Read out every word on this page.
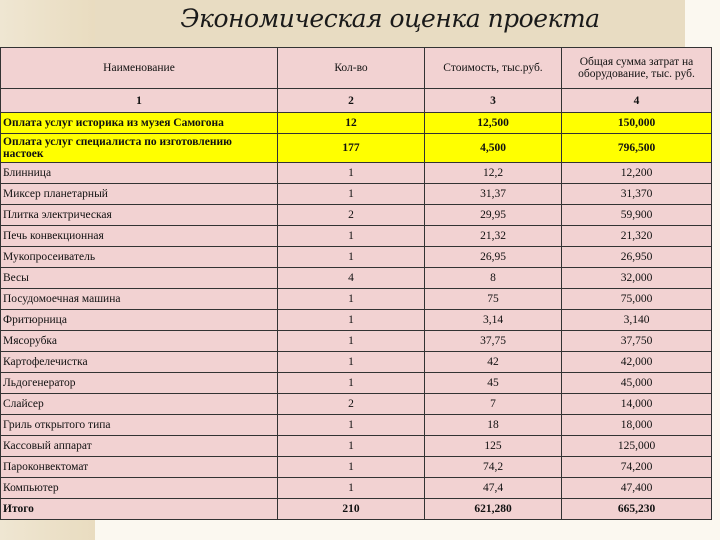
Экономическая оценка проекта
Наименование	Кол-во	Стоимость, тыс.руб.	Общая сумма затрат на оборудование, тыс. руб.
1	2	3	4
Оплата услуг историка из музея Самогона	12	12,500	150,000
Оплата услуг специалиста по изготовлению настоек	177	4,500	796,500
Блинница	1	12,2	12,200
Миксер планетарный	1	31,37	31,370
Плитка электрическая	2	29,95	59,900
Печь конвекционная	1	21,32	21,320
Мукопросеиватель	1	26,95	26,950
Весы	4	8	32,000
Посудомоечная машина	1	75	75,000
Фритюрница	1	3,14	3,140
Мясорубка	1	37,75	37,750
Картофелечистка	1	42	42,000
Льдогенератор	1	45	45,000
Слайсер	2	7	14,000
Гриль открытого типа	1	18	18,000
Кассовый аппарат	1	125	125,000
Пароконвектомат	1	74,2	74,200
Компьютер	1	47,4	47,400
Итого	210	621,280	665,230
